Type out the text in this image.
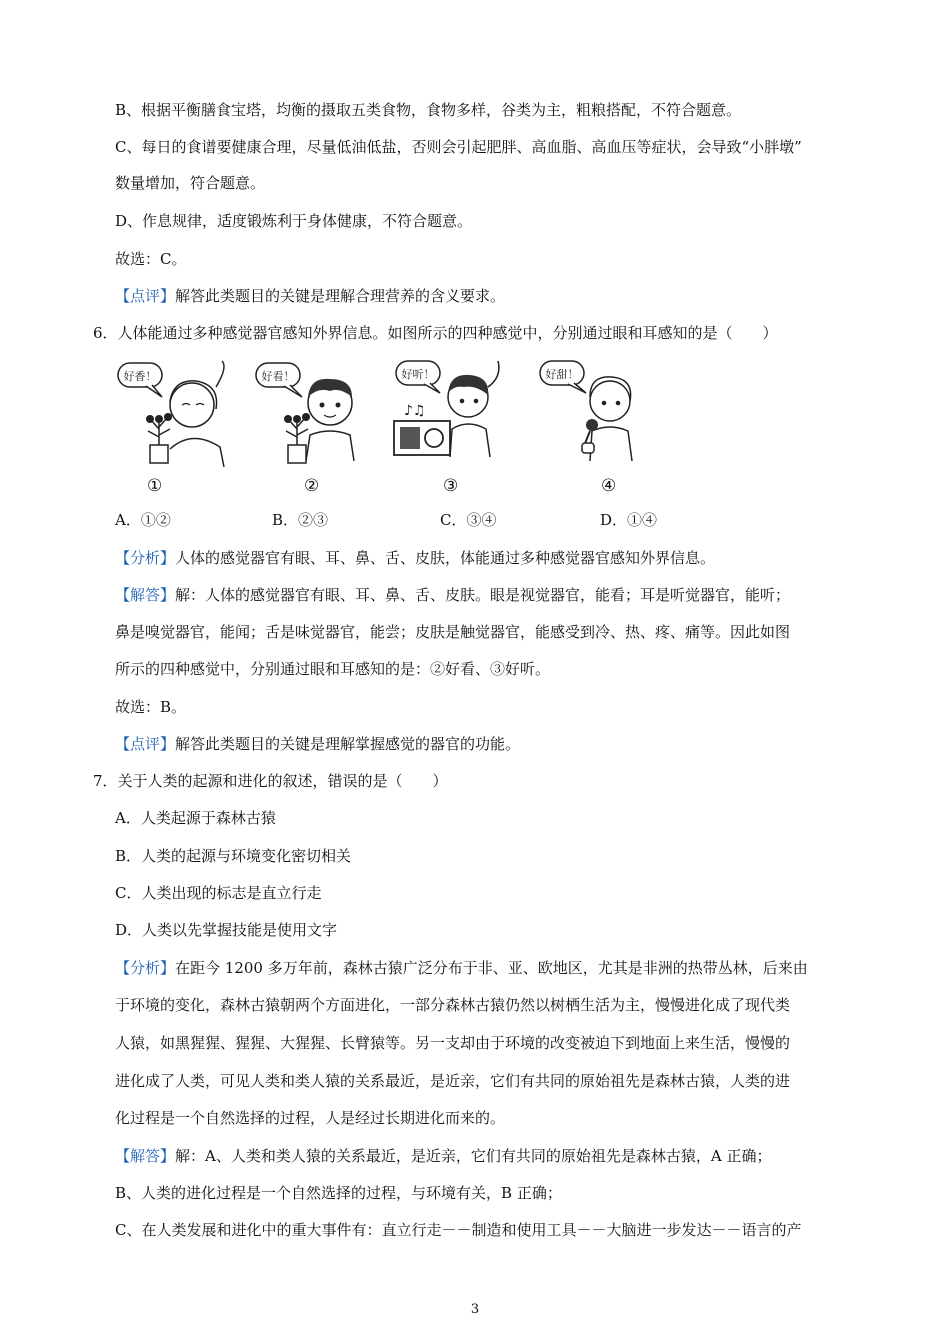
B、根据平衡膳食宝塔，均衡的摄取五类食物，食物多样，谷类为主，粗粮搭配，不符合题意。
C、每日的食谱要健康合理，尽量低油低盐，否则会引起肥胖、高血脂、高血压等症状，会导致“小胖墩”
数量增加，符合题意。
D、作息规律，适度锻炼利于身体健康，不符合题意。
故选：C。
【点评】解答此类题目的关键是理解合理营养的含义要求。
6．人体能通过多种感觉器官感知外界信息。如图所示的四种感觉中，分别通过眼和耳感知的是（　　）
好香！	好看！	好听！
♪♫
好甜！
①	②	③	④
A．①②	B．②③	C．③④	D．①④
【分析】人体的感觉器官有眼、耳、鼻、舌、皮肤，体能通过多种感觉器官感知外界信息。
【解答】解：人体的感觉器官有眼、耳、鼻、舌、皮肤。眼是视觉器官，能看；耳是听觉器官，能听；
鼻是嗅觉器官，能闻；舌是味觉器官，能尝；皮肤是触觉器官，能感受到冷、热、疼、痛等。因此如图
所示的四种感觉中，分别通过眼和耳感知的是：②好看、③好听。
故选：B。
【点评】解答此类题目的关键是理解掌握感觉的器官的功能。
7．关于人类的起源和进化的叙述，错误的是（　　）
A．人类起源于森林古猿
B．人类的起源与环境变化密切相关
C．人类出现的标志是直立行走
D．人类以先掌握技能是使用文字
【分析】在距今 1200 多万年前，森林古猿广泛分布于非、亚、欧地区，尤其是非洲的热带丛林，后来由
于环境的变化，森林古猿朝两个方面进化，一部分森林古猿仍然以树栖生活为主，慢慢进化成了现代类
人猿，如黑猩猩、猩猩、大猩猩、长臂猿等。另一支却由于环境的改变被迫下到地面上来生活，慢慢的
进化成了人类，可见人类和类人猿的关系最近，是近亲，它们有共同的原始祖先是森林古猿，人类的进
化过程是一个自然选择的过程，人是经过长期进化而来的。
【解答】解：A、人类和类人猿的关系最近，是近亲，它们有共同的原始祖先是森林古猿，A 正确；
B、人类的进化过程是一个自然选择的过程，与环境有关，B 正确；
C、在人类发展和进化中的重大事件有：直立行走－－制造和使用工具－－大脑进一步发达－－语言的产
3
